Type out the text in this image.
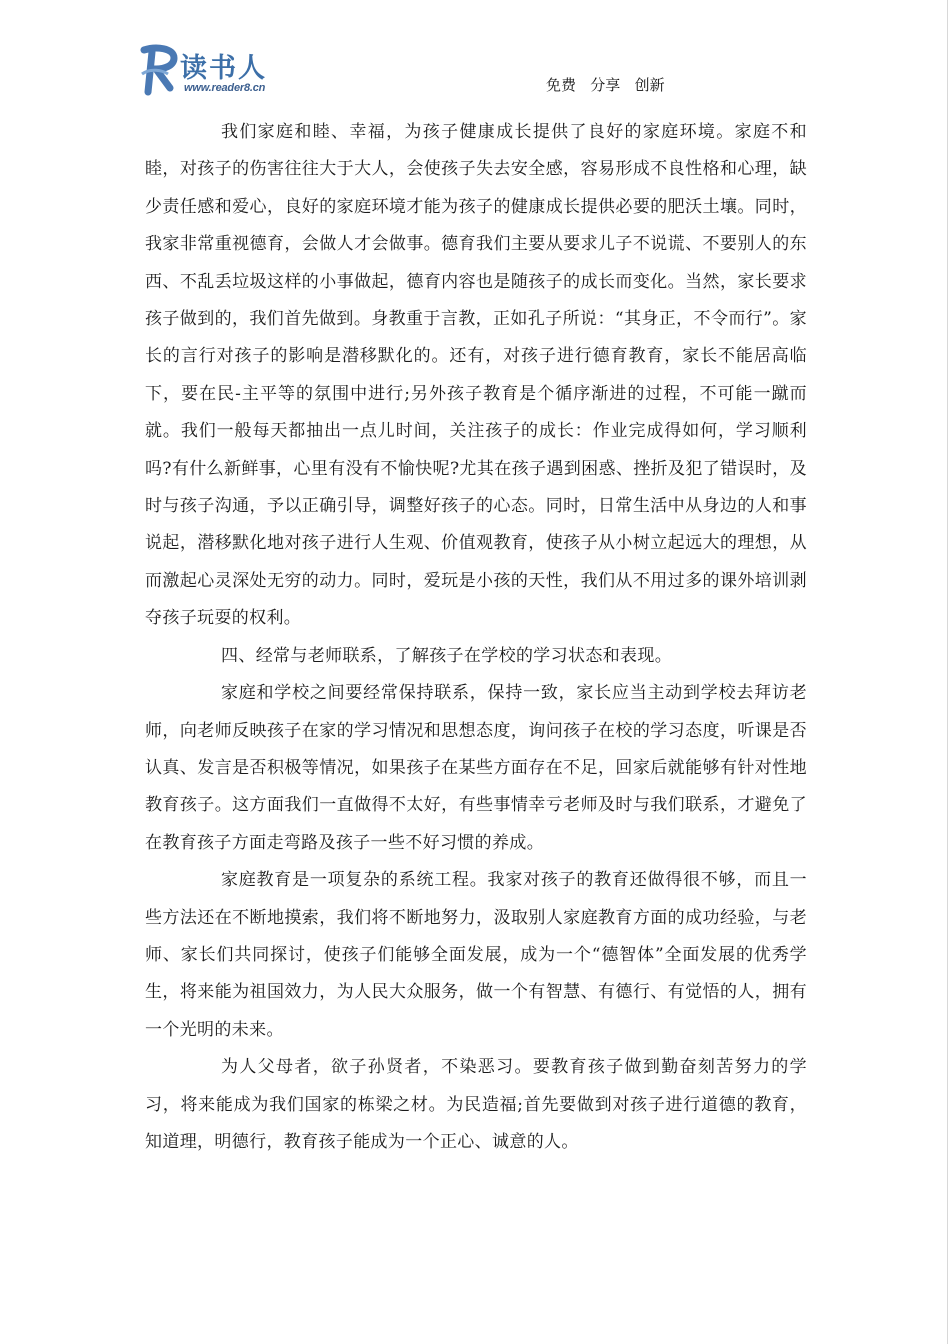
读书人
www.reader8.cn	免费   分享   创新

我们家庭和睦、幸福，为孩子健康成长提供了良好的家庭环境。家庭不和睦，对孩子的伤害往往大于大人，会使孩子失去安全感，容易形成不良性格和心理，缺少责任感和爱心，良好的家庭环境才能为孩子的健康成长提供必要的肥沃土壤。同时，我家非常重视德育，会做人才会做事。德育我们主要从要求儿子不说谎、不要别人的东西、不乱丢垃圾这样的小事做起，德育内容也是随孩子的成长而变化。当然，家长要求孩子做到的，我们首先做到。身教重于言教，正如孔子所说：“其身正，不令而行”。家长的言行对孩子的影响是潜移默化的。还有，对孩子进行德育教育，家长不能居高临下，要在民-主平等的氛围中进行;另外孩子教育是个循序渐进的过程，不可能一蹴而就。我们一般每天都抽出一点儿时间，关注孩子的成长：作业完成得如何，学习顺利吗?有什么新鲜事，心里有没有不愉快呢?尤其在孩子遇到困惑、挫折及犯了错误时，及时与孩子沟通，予以正确引导，调整好孩子的心态。同时，日常生活中从身边的人和事说起，潜移默化地对孩子进行人生观、价值观教育，使孩子从小树立起远大的理想，从而激起心灵深处无穷的动力。同时，爱玩是小孩的天性，我们从不用过多的课外培训剥夺孩子玩耍的权利。

四、经常与老师联系，了解孩子在学校的学习状态和表现。

家庭和学校之间要经常保持联系，保持一致，家长应当主动到学校去拜访老师，向老师反映孩子在家的学习情况和思想态度，询问孩子在校的学习态度，听课是否认真、发言是否积极等情况，如果孩子在某些方面存在不足，回家后就能够有针对性地教育孩子。这方面我们一直做得不太好，有些事情幸亏老师及时与我们联系，才避免了在教育孩子方面走弯路及孩子一些不好习惯的养成。

家庭教育是一项复杂的系统工程。我家对孩子的教育还做得很不够，而且一些方法还在不断地摸索，我们将不断地努力，汲取别人家庭教育方面的成功经验，与老师、家长们共同探讨，使孩子们能够全面发展，成为一个“德智体”全面发展的优秀学生，将来能为祖国效力，为人民大众服务，做一个有智慧、有德行、有觉悟的人，拥有一个光明的未来。

为人父母者，欲子孙贤者，不染恶习。要教育孩子做到勤奋刻苦努力的学习，将来能成为我们国家的栋梁之材。为民造福;首先要做到对孩子进行道德的教育，知道理，明德行，教育孩子能成为一个正心、诚意的人。
